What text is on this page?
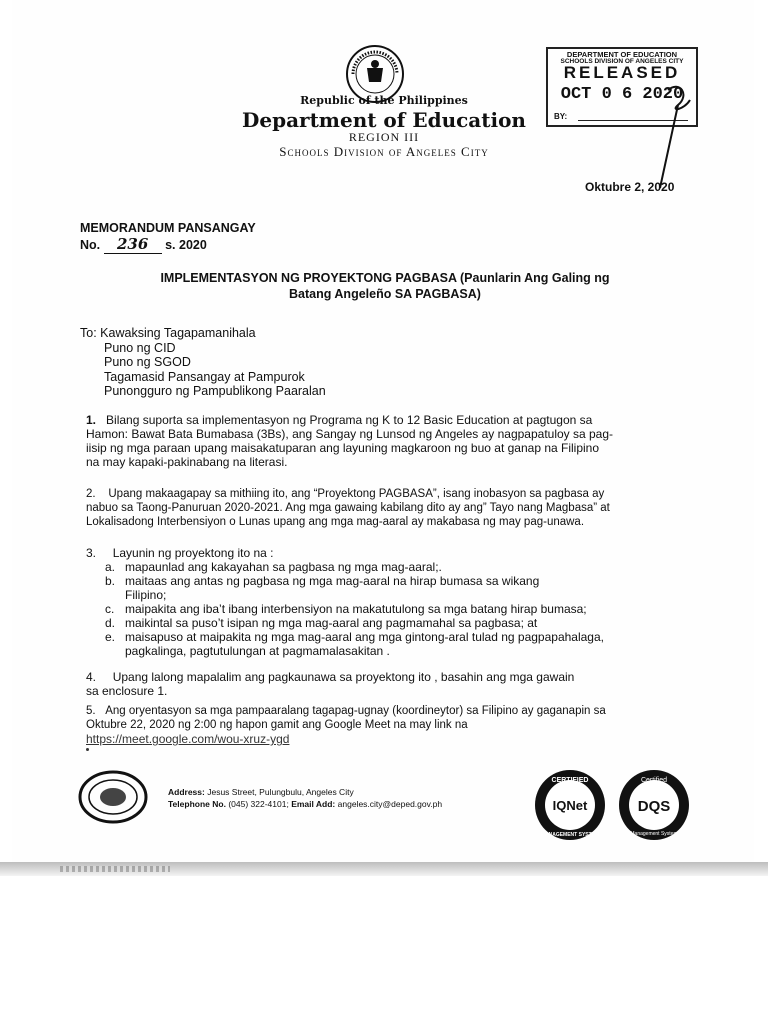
Republic of the Philippines
Department of Education
REGION III
Schools Division of Angeles City
DEPARTMENT OF EDUCATION
SCHOOLS DIVISION OF ANGELES CITY
RELEASED
OCT 0 6 2020
BY:
Oktubre 2, 2020
MEMORANDUM PANSANGAY
No. 236 s. 2020
IMPLEMENTASYON NG PROYEKTONG PAGBASA (Paunlarin Ang Galing ng
Batang Angeleño SA PAGBASA)
To: Kawaksing Tagapamanihala
Puno ng CID
Puno ng SGOD
Tagamasid Pansangay at Pampurok
Punongguro ng Pampublikong Paaralan
1. Bilang suporta sa implementasyon ng Programa ng K to 12 Basic Education at pagtugon sa
Hamon: Bawat Bata Bumabasa (3Bs), ang Sangay ng Lunsod ng Angeles ay nagpapatuloy sa pag-
iisip ng mga paraan upang maisakatuparan ang layuning magkaroon ng buo at ganap na Filipino
na may kapaki-pakinabang na literasi.
2. Upang makaagapay sa mithiing ito, ang “Proyektong PAGBASA”, isang inobasyon sa pagbasa ay
nabuo sa Taong-Panuruan 2020-2021. Ang mga gawaing kabilang dito ay ang” Tayo nang Magbasa” at
Lokalisadong Interbensiyon o Lunas upang ang mga mag-aaral ay makabasa ng may pag-unawa.
3. Layunin ng proyektong ito na :
a. mapaunlad ang kakayahan sa pagbasa ng mga mag-aaral;.
b. maitaas ang antas ng pagbasa ng mga mag-aaral na hirap bumasa sa wikang
Filipino;
c. maipakita ang iba’t ibang interbensiyon na makatutulong sa mga batang hirap bumasa;
d. maikintal sa puso’t isipan ng mga mag-aaral ang pagmamahal sa pagbasa; at
e. maisapuso at maipakita ng mga mag-aaral ang mga gintong-aral tulad ng pagpapahalaga,
pagkalinga, pagtutulungan at pagmamalasakitan .
4. Upang lalong mapalalim ang pagkaunawa sa proyektong ito , basahin ang mga gawain
sa enclosure 1.
5. Ang oryentasyon sa mga pampaaralang tagapag-ugnay (koordineytor) sa Filipino ay gaganapin sa
Oktubre 22, 2020 ng 2:00 ng hapon gamit ang Google Meet na may link na
https://meet.google.com/wou-xruz-ygd
Address: Jesus Street, Pulungbulu, Angeles City
Telephone No. (045) 322-4101; Email Add: angeles.city@deped.gov.ph
CERTIFIED
IQNet
MANAGEMENT SYSTEM
Certified
DQS
Management System
